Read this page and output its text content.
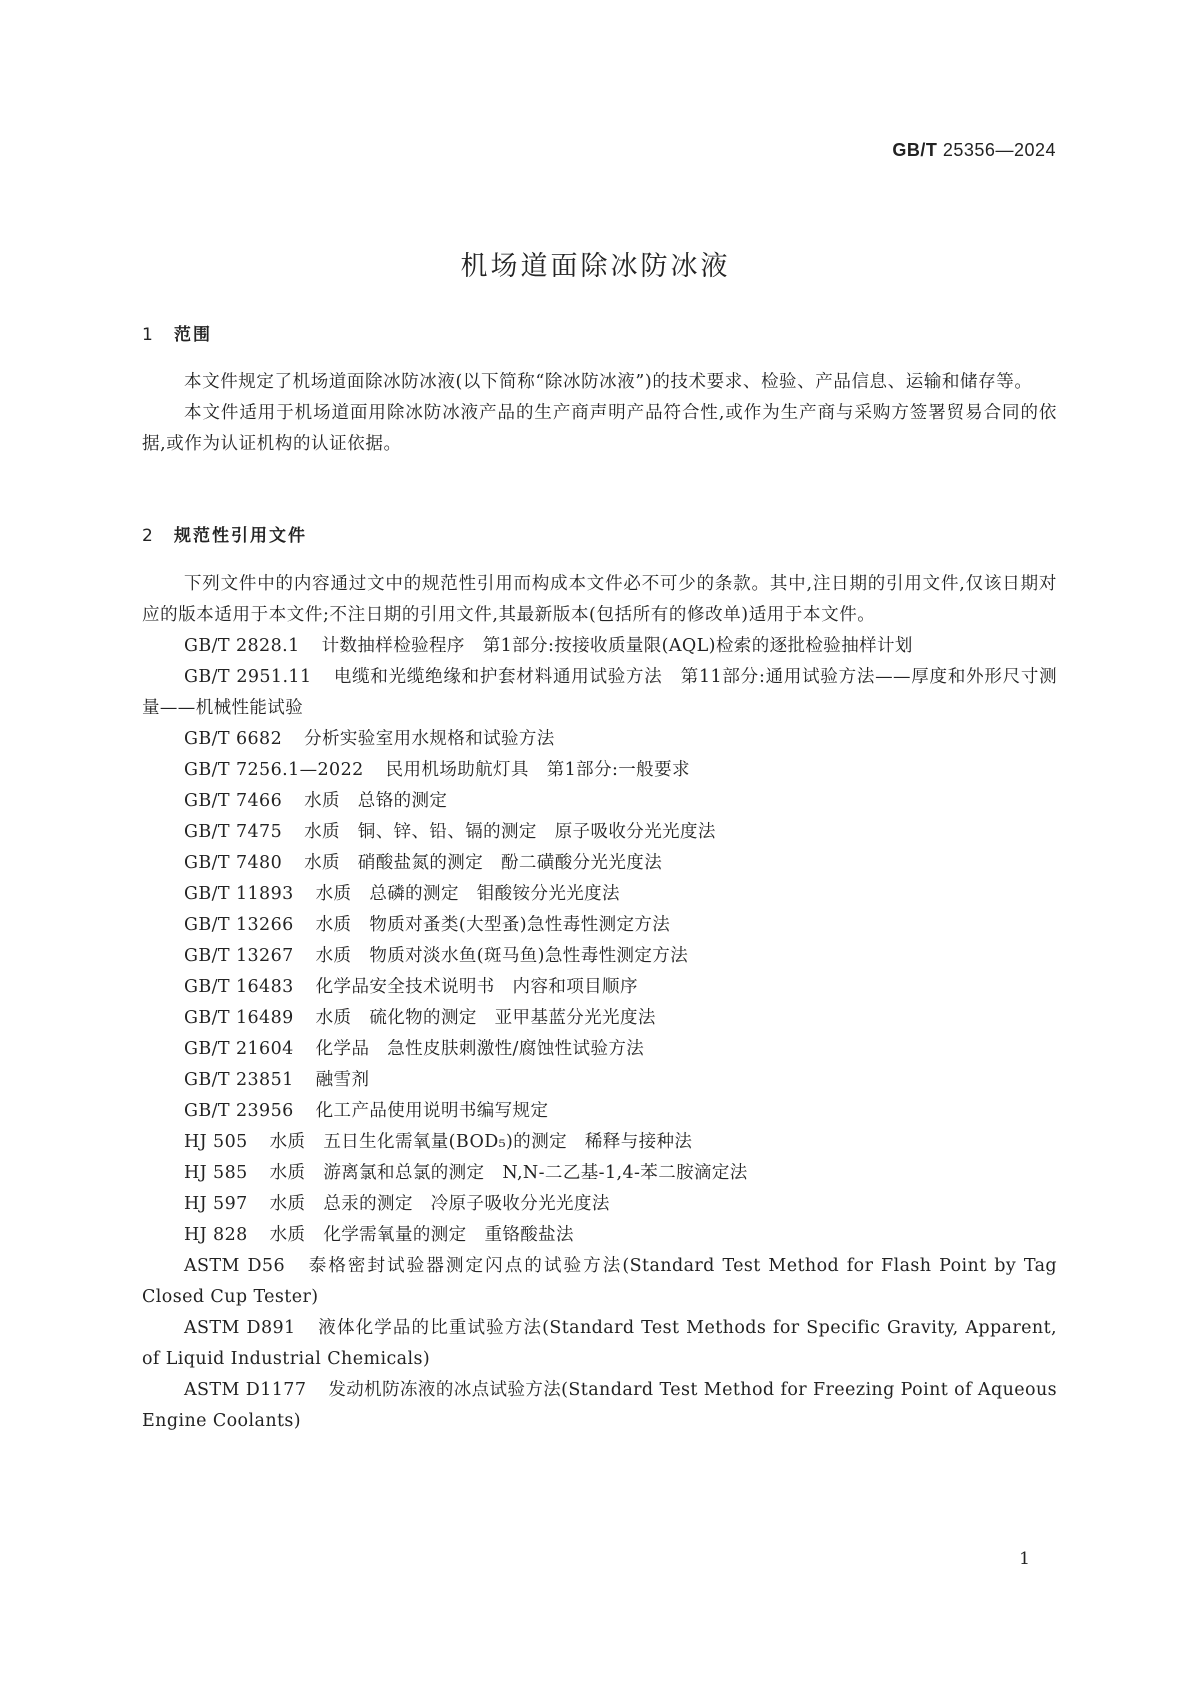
GB/T 25356—2024
机场道面除冰防冰液
1 范围

本文件规定了机场道面除冰防冰液(以下简称“除冰防冰液”)的技术要求、检验、产品信息、运输和储存等。

本文件适用于机场道面用除冰防冰液产品的生产商声明产品符合性,或作为生产商与采购方签署贸易合同的依据,或作为认证机构的认证依据。

2 规范性引用文件

下列文件中的内容通过文中的规范性引用而构成本文件必不可少的条款。其中,注日期的引用文件,仅该日期对应的版本适用于本文件;不注日期的引用文件,其最新版本(包括所有的修改单)适用于本文件。

GB/T 2828.1 计数抽样检验程序　第1部分:按接收质量限(AQL)检索的逐批检验抽样计划

GB/T 2951.11 电缆和光缆绝缘和护套材料通用试验方法　第11部分:通用试验方法——厚度和外形尺寸测量——机械性能试验

GB/T 6682 分析实验室用水规格和试验方法

GB/T 7256.1—2022 民用机场助航灯具　第1部分:一般要求

GB/T 7466 水质　总铬的测定

GB/T 7475 水质　铜、锌、铅、镉的测定　原子吸收分光光度法

GB/T 7480 水质　硝酸盐氮的测定　酚二磺酸分光光度法

GB/T 11893 水质　总磷的测定　钼酸铵分光光度法

GB/T 13266 水质　物质对蚤类(大型蚤)急性毒性测定方法

GB/T 13267 水质　物质对淡水鱼(斑马鱼)急性毒性测定方法

GB/T 16483 化学品安全技术说明书　内容和项目顺序

GB/T 16489 水质　硫化物的测定　亚甲基蓝分光光度法

GB/T 21604 化学品　急性皮肤刺激性/腐蚀性试验方法

GB/T 23851 融雪剂

GB/T 23956 化工产品使用说明书编写规定

HJ 505 水质　五日生化需氧量(BOD₅)的测定　稀释与接种法

HJ 585 水质　游离氯和总氯的测定　N,N-二乙基-1,4-苯二胺滴定法

HJ 597 水质　总汞的测定　冷原子吸收分光光度法

HJ 828 水质　化学需氧量的测定　重铬酸盐法

ASTM D56 泰格密封试验器测定闪点的试验方法(Standard Test Method for Flash Point by Tag Closed Cup Tester)

ASTM D891 液体化学品的比重试验方法(Standard Test Methods for Specific Gravity, Apparent, of Liquid Industrial Chemicals)

ASTM D1177 发动机防冻液的冰点试验方法(Standard Test Method for Freezing Point of Aqueous Engine Coolants)

1
